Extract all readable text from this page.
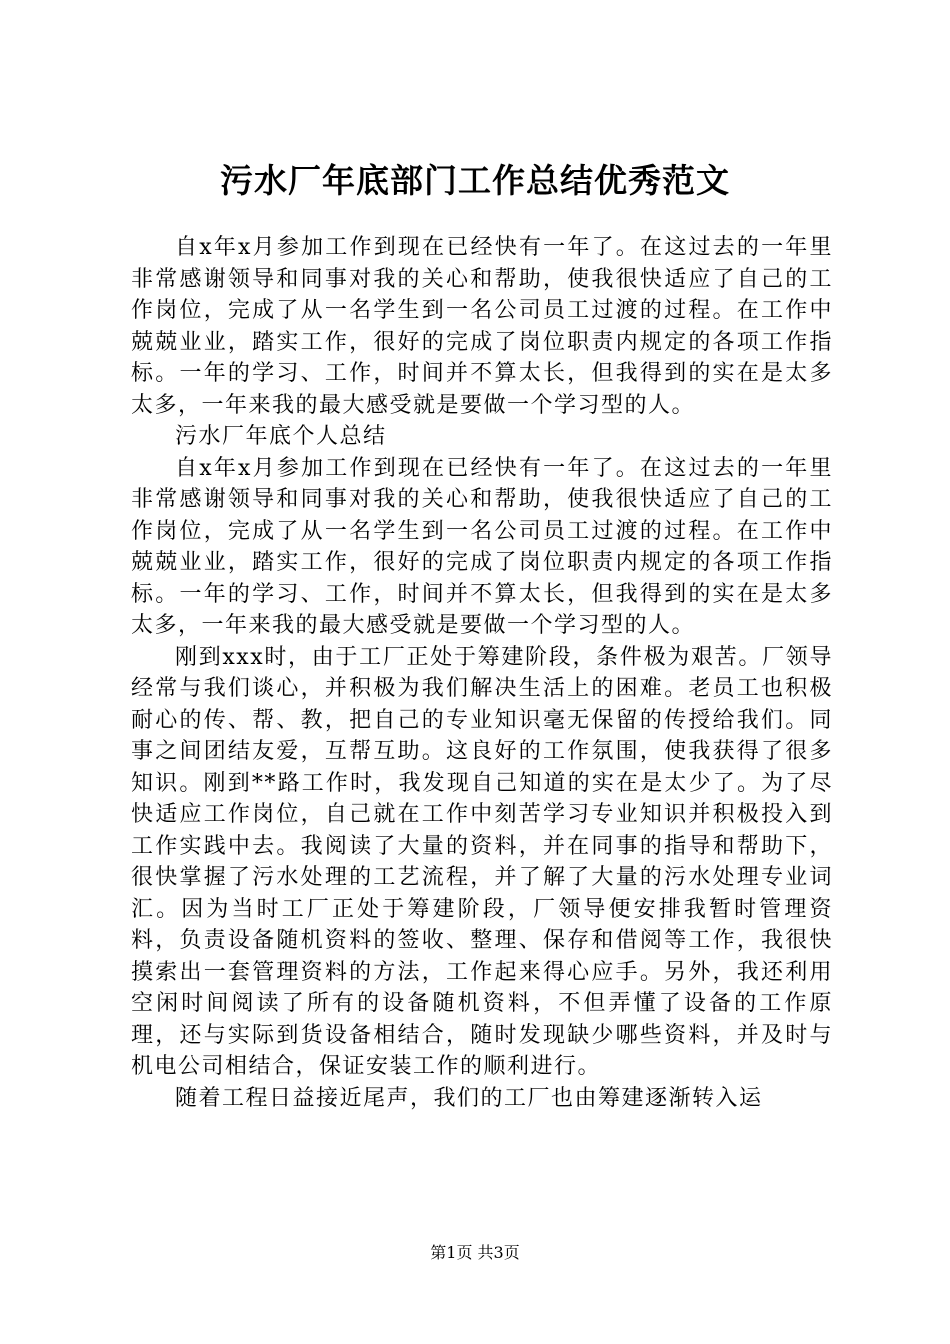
污水厂年底部门工作总结优秀范文

自x年x月参加工作到现在已经快有一年了。在这过去的一年里非常感谢领导和同事对我的关心和帮助，使我很快适应了自己的工作岗位，完成了从一名学生到一名公司员工过渡的过程。在工作中兢兢业业，踏实工作，很好的完成了岗位职责内规定的各项工作指标。一年的学习、工作，时间并不算太长，但我得到的实在是太多太多，一年来我的最大感受就是要做一个学习型的人。

污水厂年底个人总结

自x年x月参加工作到现在已经快有一年了。在这过去的一年里非常感谢领导和同事对我的关心和帮助，使我很快适应了自己的工作岗位，完成了从一名学生到一名公司员工过渡的过程。在工作中兢兢业业，踏实工作，很好的完成了岗位职责内规定的各项工作指标。一年的学习、工作，时间并不算太长，但我得到的实在是太多太多，一年来我的最大感受就是要做一个学习型的人。

刚到xxx时，由于工厂正处于筹建阶段，条件极为艰苦。厂领导经常与我们谈心，并积极为我们解决生活上的困难。老员工也积极耐心的传、帮、教，把自己的专业知识毫无保留的传授给我们。同事之间团结友爱，互帮互助。这良好的工作氛围，使我获得了很多知识。刚到**路工作时，我发现自己知道的实在是太少了。为了尽快适应工作岗位，自己就在工作中刻苦学习专业知识并积极投入到工作实践中去。我阅读了大量的资料，并在同事的指导和帮助下，很快掌握了污水处理的工艺流程，并了解了大量的污水处理专业词汇。因为当时工厂正处于筹建阶段，厂领导便安排我暂时管理资料，负责设备随机资料的签收、整理、保存和借阅等工作，我很快摸索出一套管理资料的方法，工作起来得心应手。另外，我还利用空闲时间阅读了所有的设备随机资料，不但弄懂了设备的工作原理，还与实际到货设备相结合，随时发现缺少哪些资料，并及时与机电公司相结合，保证安装工作的顺利进行。

随着工程日益接近尾声，我们的工厂也由筹建逐渐转入运

第1页 共3页
